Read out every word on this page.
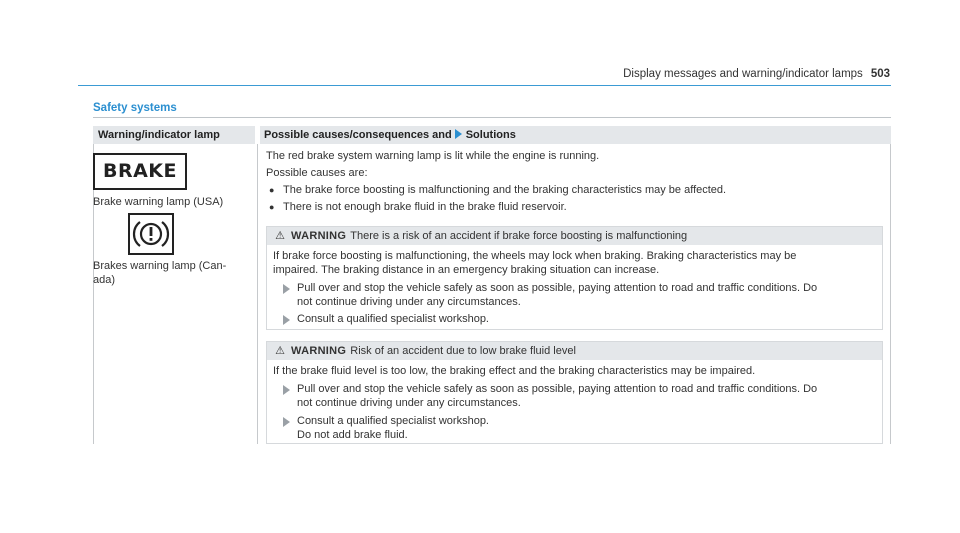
Display messages and warning/indicator lamps 503
Safety systems
Warning/indicator lamp	Possible causes/consequences and Solutions
BRAKE
Brake warning lamp (USA)
Brakes warning lamp (Can-
ada)
The red brake system warning lamp is lit while the engine is running.
Possible causes are:
● The brake force boosting is malfunctioning and the braking characteristics may be affected.
● There is not enough brake fluid in the brake fluid reservoir.
⚠ WARNING There is a risk of an accident if brake force boosting is malfunctioning
If brake force boosting is malfunctioning, the wheels may lock when braking. Braking characteristics may be
impaired. The braking distance in an emergency braking situation can increase.
Pull over and stop the vehicle safely as soon as possible, paying attention to road and traffic conditions. Do
not continue driving under any circumstances.
Consult a qualified specialist workshop.
⚠ WARNING Risk of an accident due to low brake fluid level
If the brake fluid level is too low, the braking effect and the braking characteristics may be impaired.
Pull over and stop the vehicle safely as soon as possible, paying attention to road and traffic conditions. Do
not continue driving under any circumstances.
Consult a qualified specialist workshop.
Do not add brake fluid.
